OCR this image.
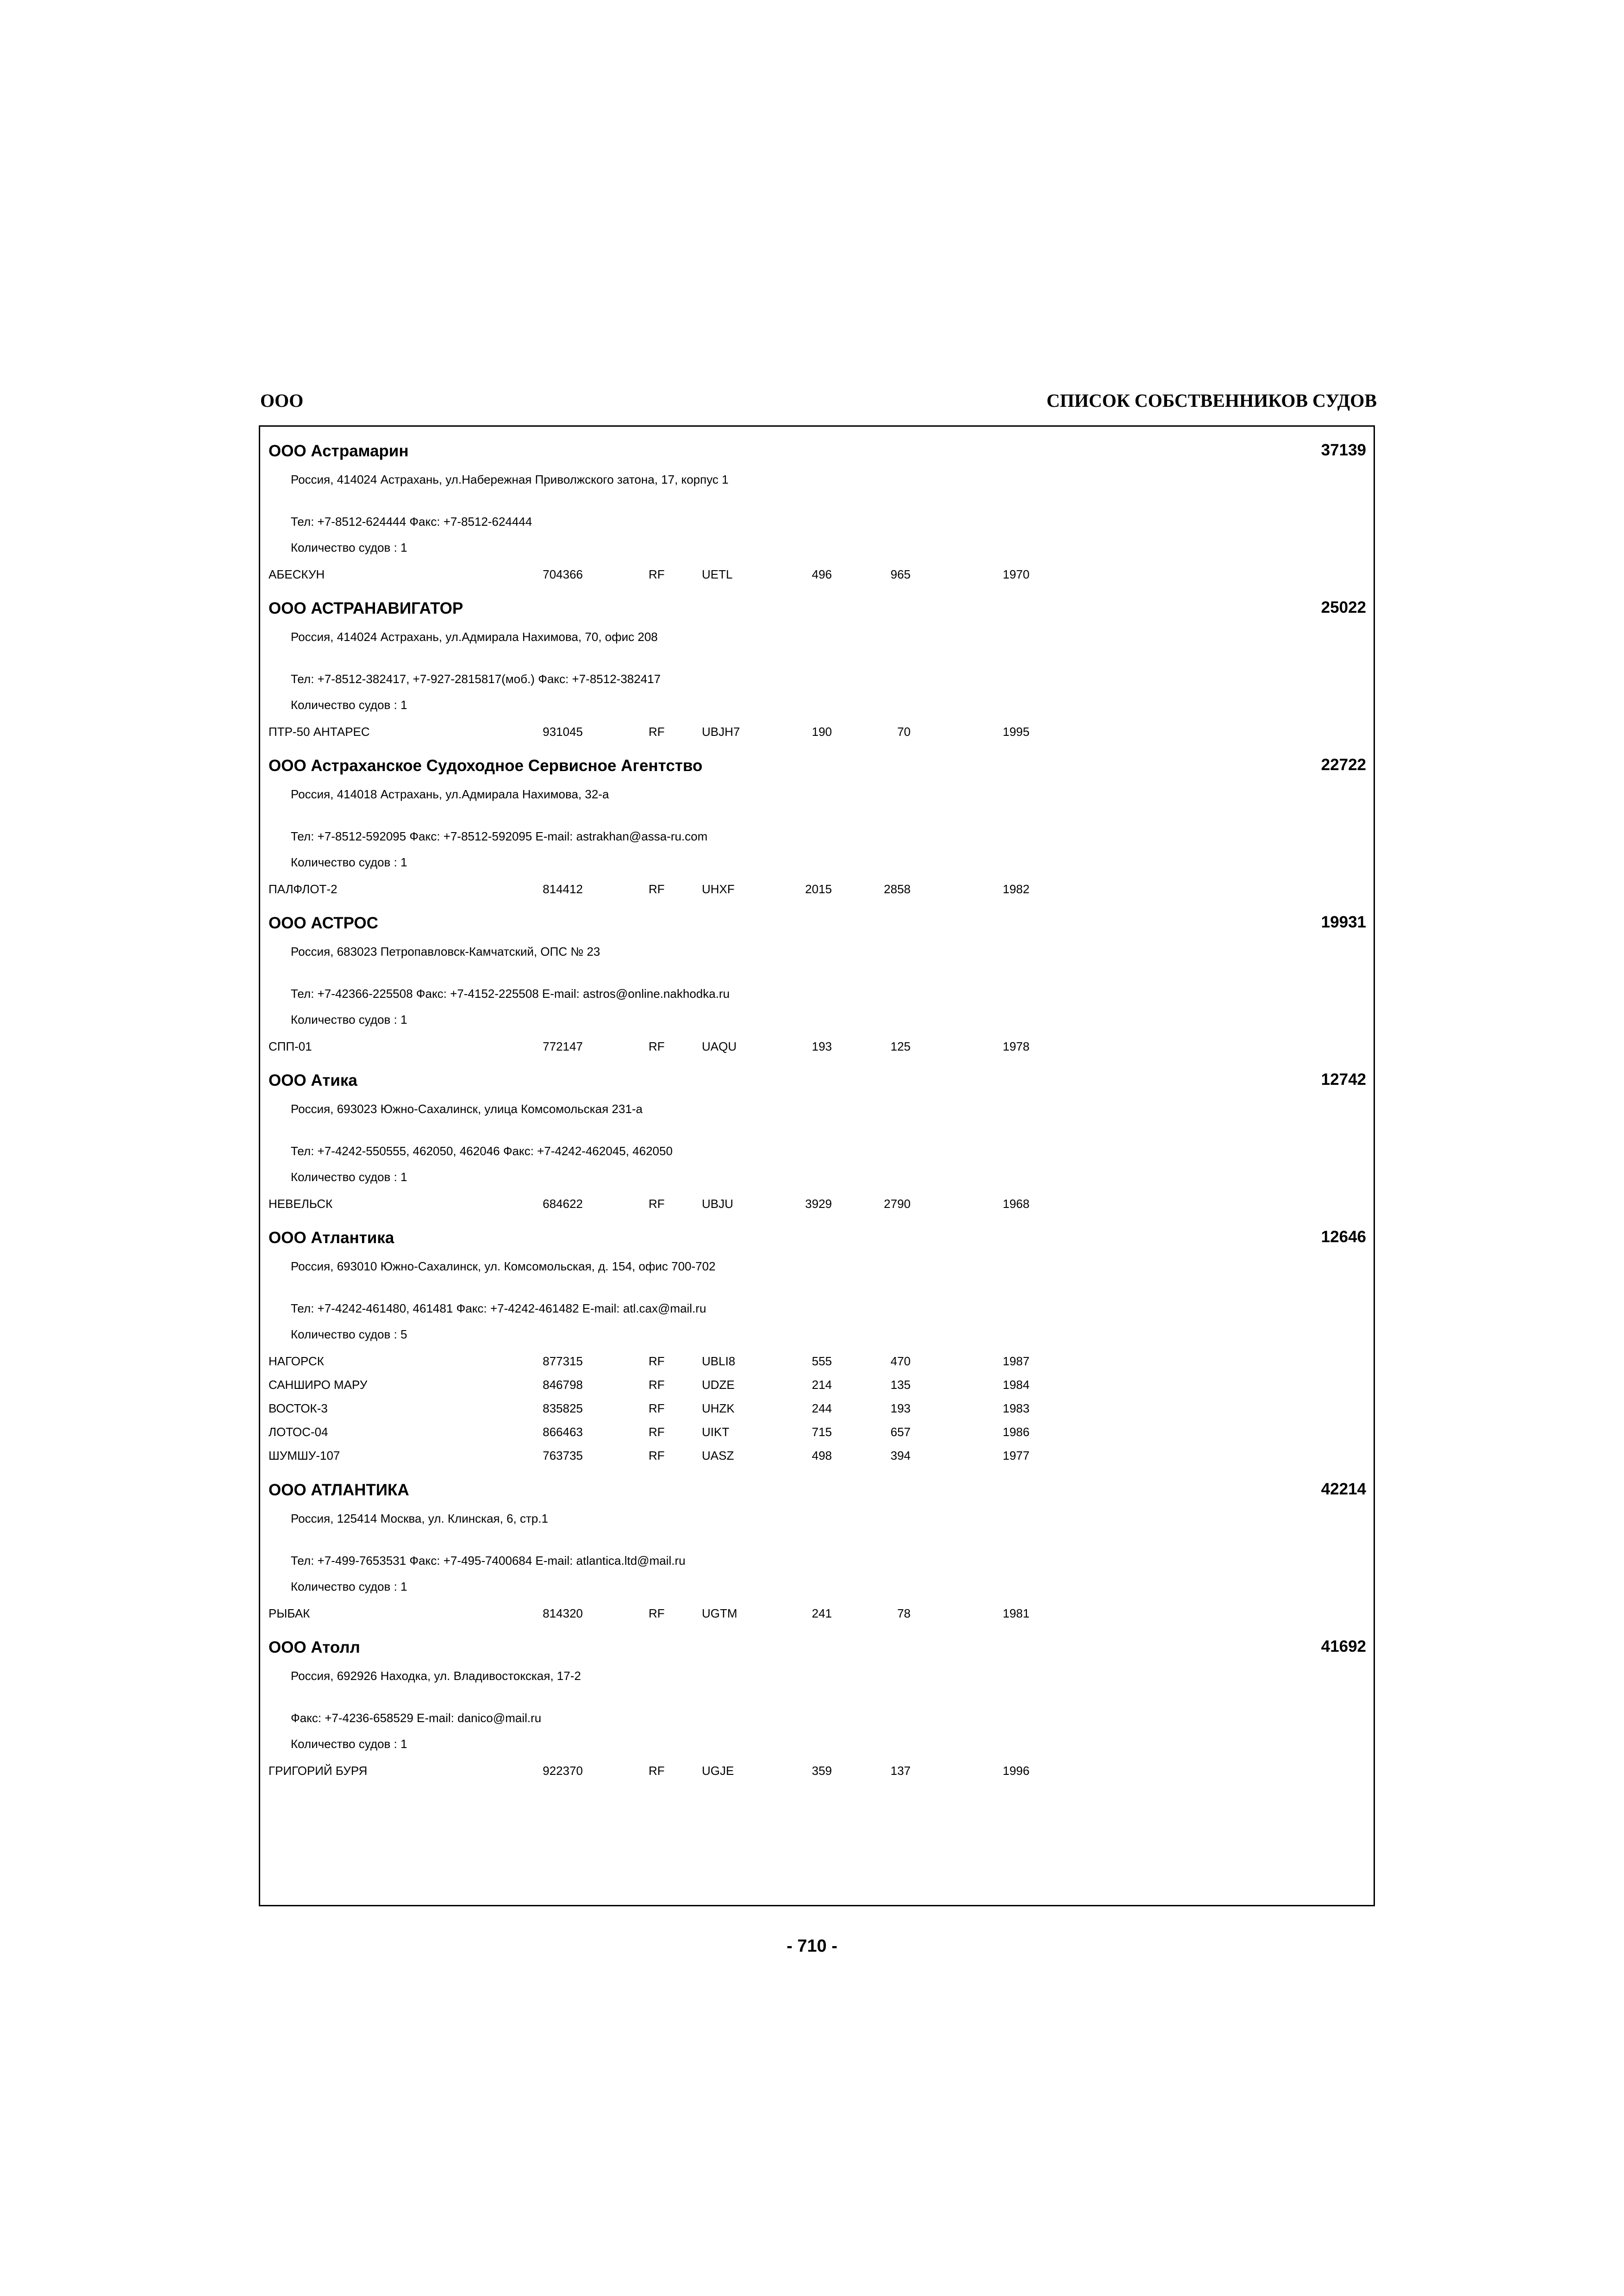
ООО	СПИСОК СОБСТВЕННИКОВ СУДОВ
ООО Астрамарин	37139
Россия, 414024 Астрахань, ул.Набережная Приволжского затона, 17, корпус 1
Тел: +7-8512-624444 Факс: +7-8512-624444
Количество судов : 1
АБЕСКУН	704366	RF	UETL	496	965	1970
ООО АСТРАНАВИГАТОР	25022
Россия, 414024 Астрахань, ул.Адмирала Нахимова, 70, офис 208
Тел: +7-8512-382417, +7-927-2815817(моб.) Факс: +7-8512-382417
Количество судов : 1
ПТР-50 АНТАРЕС	931045	RF	UBJH7	190	70	1995
ООО Астраханское Судоходное Сервисное Агентство	22722
Россия, 414018 Астрахань, ул.Адмирала Нахимова, 32-а
Тел: +7-8512-592095 Факс: +7-8512-592095 E-mail: astrakhan@assa-ru.com
Количество судов : 1
ПАЛФЛОТ-2	814412	RF	UHXF	2015	2858	1982
ООО АСТРОС	19931
Россия, 683023 Петропавловск-Камчатский, ОПС № 23
Тел: +7-42366-225508 Факс: +7-4152-225508 E-mail: astros@online.nakhodka.ru
Количество судов : 1
СПП-01	772147	RF	UAQU	193	125	1978
ООО Атика	12742
Россия, 693023 Южно-Сахалинск, улица Комсомольская 231-а
Тел: +7-4242-550555, 462050, 462046 Факс: +7-4242-462045, 462050
Количество судов : 1
НЕВЕЛЬСК	684622	RF	UBJU	3929	2790	1968
ООО Атлантика	12646
Россия, 693010 Южно-Сахалинск, ул. Комсомольская, д. 154, офис 700-702
Тел: +7-4242-461480, 461481 Факс: +7-4242-461482 E-mail: atl.cax@mail.ru
Количество судов : 5
НАГОРСК	877315	RF	UBLI8	555	470	1987
САНШИРО МАРУ	846798	RF	UDZE	214	135	1984
ВОСТОК-3	835825	RF	UHZK	244	193	1983
ЛОТОС-04	866463	RF	UIKT	715	657	1986
ШУМШУ-107	763735	RF	UASZ	498	394	1977
ООО АТЛАНТИКА	42214
Россия, 125414 Москва, ул. Клинская, 6, стр.1
Тел: +7-499-7653531 Факс: +7-495-7400684 E-mail: atlantica.ltd@mail.ru
Количество судов : 1
РЫБАК	814320	RF	UGTM	241	78	1981
ООО Атолл	41692
Россия, 692926 Находка, ул. Владивостокская, 17-2
Факс: +7-4236-658529 E-mail: danico@mail.ru
Количество судов : 1
ГРИГОРИЙ БУРЯ	922370	RF	UGJE	359	137	1996
- 710 -
